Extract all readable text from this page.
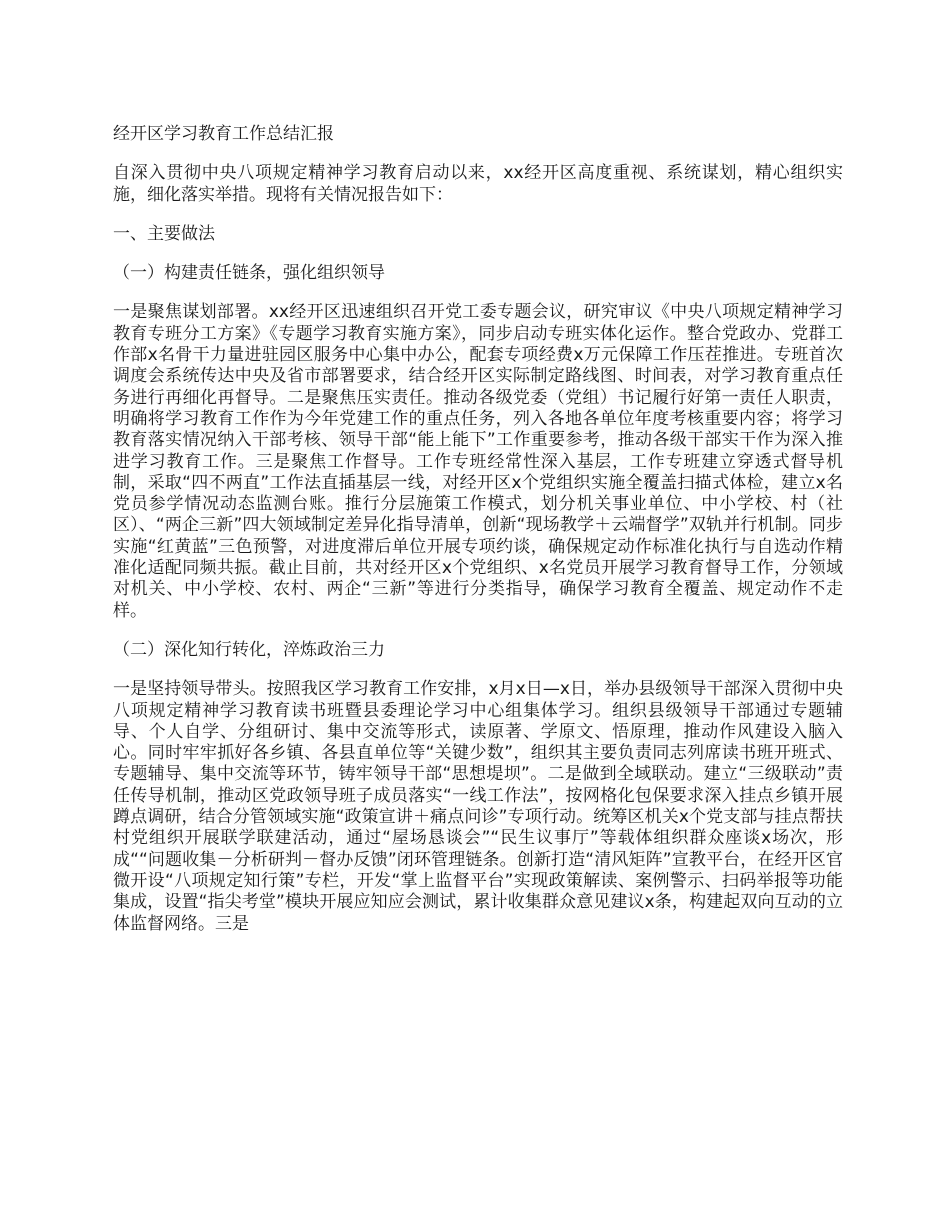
经开区学习教育工作总结汇报

自深入贯彻中央八项规定精神学习教育启动以来，xx经开区高度重视、系统谋划，精心组织实施，细化落实举措。现将有关情况报告如下：

一、主要做法
（一）构建责任链条，强化组织领导

一是聚焦谋划部署。xx经开区迅速组织召开党工委专题会议，研究审议《中央八项规定精神学习教育专班分工方案》《专题学习教育实施方案》，同步启动专班实体化运作。整合党政办、党群工作部x名骨干力量进驻园区服务中心集中办公，配套专项经费x万元保障工作压茬推进。专班首次调度会系统传达中央及省市部署要求，结合经开区实际制定路线图、时间表，对学习教育重点任务进行再细化再督导。二是聚焦压实责任。推动各级党委（党组）书记履行好第一责任人职责，明确将学习教育工作作为今年党建工作的重点任务，列入各地各单位年度考核重要内容；将学习教育落实情况纳入干部考核、领导干部“能上能下”工作重要参考，推动各级干部实干作为深入推进学习教育工作。三是聚焦工作督导。工作专班经常性深入基层，工作专班建立穿透式督导机制，采取“四不两直”工作法直插基层一线，对经开区x个党组织实施全覆盖扫描式体检，建立x名党员参学情况动态监测台账。推行分层施策工作模式，划分机关事业单位、中小学校、村（社区）、“两企三新”四大领域制定差异化指导清单，创新“现场教学＋云端督学”双轨并行机制。同步实施“红黄蓝”三色预警，对进度滞后单位开展专项约谈，确保规定动作标准化执行与自选动作精准化适配同频共振。截止目前，共对经开区x个党组织、x名党员开展学习教育督导工作，分领域对机关、中小学校、农村、两企“三新”等进行分类指导，确保学习教育全覆盖、规定动作不走样。

（二）深化知行转化，淬炼政治三力

一是坚持领导带头。按照我区学习教育工作安排，x月x日—x日，举办县级领导干部深入贯彻中央八项规定精神学习教育读书班暨县委理论学习中心组集体学习。组织县级领导干部通过专题辅导、个人自学、分组研讨、集中交流等形式，读原著、学原文、悟原理，推动作风建设入脑入心。同时牢牢抓好各乡镇、各县直单位等“关键少数”，组织其主要负责同志列席读书班开班式、专题辅导、集中交流等环节，铸牢领导干部“思想堤坝”。二是做到全域联动。建立“三级联动”责任传导机制，推动区党政领导班子成员落实“一线工作法”，按网格化包保要求深入挂点乡镇开展蹲点调研，结合分管领域实施“政策宣讲＋痛点问诊”专项行动。统筹区机关x个党支部与挂点帮扶村党组织开展联学联建活动，通过“屋场恳谈会”“民生议事厅”等载体组织群众座谈x场次，形成““问题收集－分析研判－督办反馈”闭环管理链条。创新打造“清风矩阵”宣教平台，在经开区官微开设“八项规定知行策”专栏，开发“掌上监督平台”实现政策解读、案例警示、扫码举报等功能集成，设置“指尖考堂”模块开展应知应会测试，累计收集群众意见建议x条，构建起双向互动的立体监督网络。三是
